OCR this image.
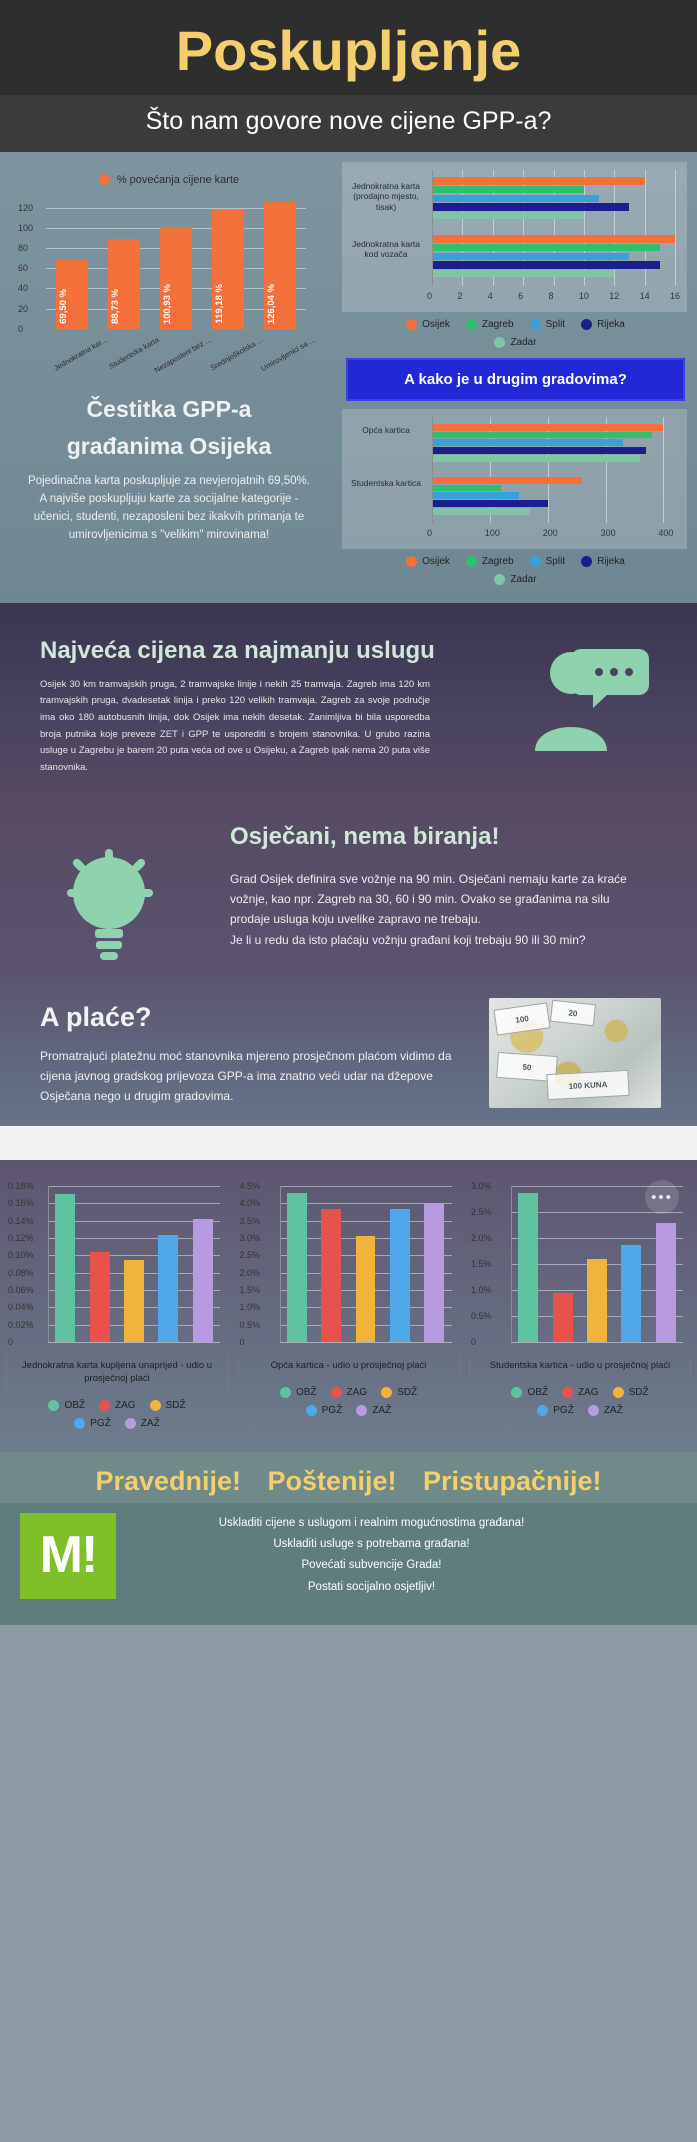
Poskupljenje
Što nam govore nove cijene GPP-a?
% povećanja cijene karte
0
20
40
60
80
100
120
69,50 %
Jednokratna kar...
88,73 %
Studentska karta
100,93 %
Nezaposleni bez ...
119,18 %
Srednjoškolska ...
126,04 %
Umirovljenici sa ...
Čestitka GPP-a
građanima Osijeka
Pojedinačna karta poskupljuje za nevjerojatnih 69,50%.
A najviše poskupljuju karte za socijalne kategorije - učenici, studenti, nezaposleni bez ikakvih primanja te umirovljenicima s "velikim" mirovinama!
0	2	4	6	8	10 12 14 16
Jednokratna karta (prodajno mjesto, tisak)
Jednokratna karta kod vozača
Osijek	Zagreb	Split	Rijeka
Zadar
A kako je u drugim gradovima?
0	100	200	300	400
Opća kartica
Studentska kartica
Osijek	Zagreb	Split	Rijeka
Zadar
Najveća cijena za najmanju uslugu

Osijek 30 km tramvajskih pruga, 2 tramvajske linije i nekih 25 tramvaja. Zagreb ima 120 km tramvajskih pruga, dvadesetak linija i preko 120 velikih tramvaja. Zagreb za svoje područje ima oko 180 autobusnih linija, dok Osijek ima nekih desetak. Zanimljiva bi bila usporedba broja putnika koje preveze ZET i GPP te usporediti s brojem stanovnika. U grubo razina usluge u Zagrebu je barem 20 puta veća od ove u Osijeku, a Zagreb ipak nema 20 puta više stanovnika.

Osječani, nema biranja!

Grad Osijek definira sve vožnje na 90 min. Osječani nemaju karte za kraće vožnje, kao npr. Zagreb na 30, 60 i 90 min. Ovako se građanima na silu prodaje usluga koju uvelike zapravo ne trebaju.
Je li u redu da isto plaćaju vožnju građani koji trebaju 90 ili 30 min?

A plaće?

Promatrajući platežnu moć stanovnika mjereno prosječnom plaćom vidimo da cijena javnog gradskog prijevoza GPP-a ima znatno veći udar na džepove Osječana nego u drugim gradovima.

100
20
50
100 KUNA
•••
0
0.02%
0.04%
0.06%
0.08%
0.10%
0.12%
0.14%
0.16%
0.18%
Jednokratna karta kupljena unaprijed - udio u prosječnoj plaći
OBŽ	ZAG	SDŽ
PGŽ	ZAŽ
0
0.5%
1.0%
1.5%
2.0%
2.5%
3.0%
3.5%
4.0%
4.5%
Opća kartica - udio u prosječnoj plaći
OBŽ	ZAG	SDŽ
PGŽ	ZAŽ
0
0.5%
1.0%
1.5%
2.0%
2.5%
3.0%
Studentska kartica - udio u prosječnoj plaći
OBŽ	ZAG	SDŽ
PGŽ	ZAŽ
Pravednije! Poštenije! Pristupačnije!
M!
Uskladiti cijene s uslugom i realnim mogućnostima građana!
Uskladiti usluge s potrebama građana!
Povećati subvencije Grada!
Postati socijalno osjetljiv!
